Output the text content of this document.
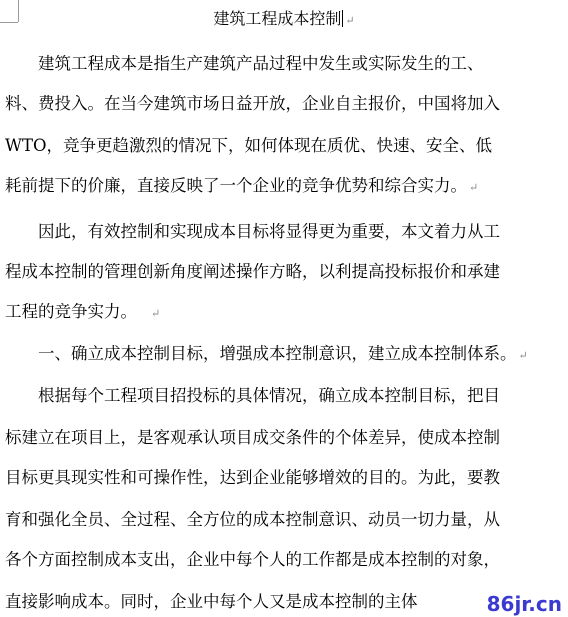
建筑工程成本控制 ↵
建筑工程成本是指生产建筑产品过程中发生或实际发生的工、
料、费投入。在当今建筑市场日益开放，企业自主报价，中国将加入
WTO，竞争更趋激烈的情况下，如何体现在质优、快速、安全、低
耗前提下的价廉，直接反映了一个企业的竞争优势和综合实力。 ↵
因此，有效控制和实现成本目标将显得更为重要，本文着力从工
程成本控制的管理创新角度阐述操作方略，以利提高投标报价和承建
工程的竞争实力。 ↵
一、确立成本控制目标，增强成本控制意识，建立成本控制体系。 ↵
根据每个工程项目招投标的具体情况，确立成本控制目标，把目
标建立在项目上，是客观承认项目成交条件的个体差异，使成本控制
目标更具现实性和可操作性，达到企业能够增效的目的。为此，要教
育和强化全员、全过程、全方位的成本控制意识、动员一切力量，从
各个方面控制成本支出，企业中每个人的工作都是成本控制的对象，
直接影响成本。同时，企业中每个人又是成本控制的主体	86jr.cn
